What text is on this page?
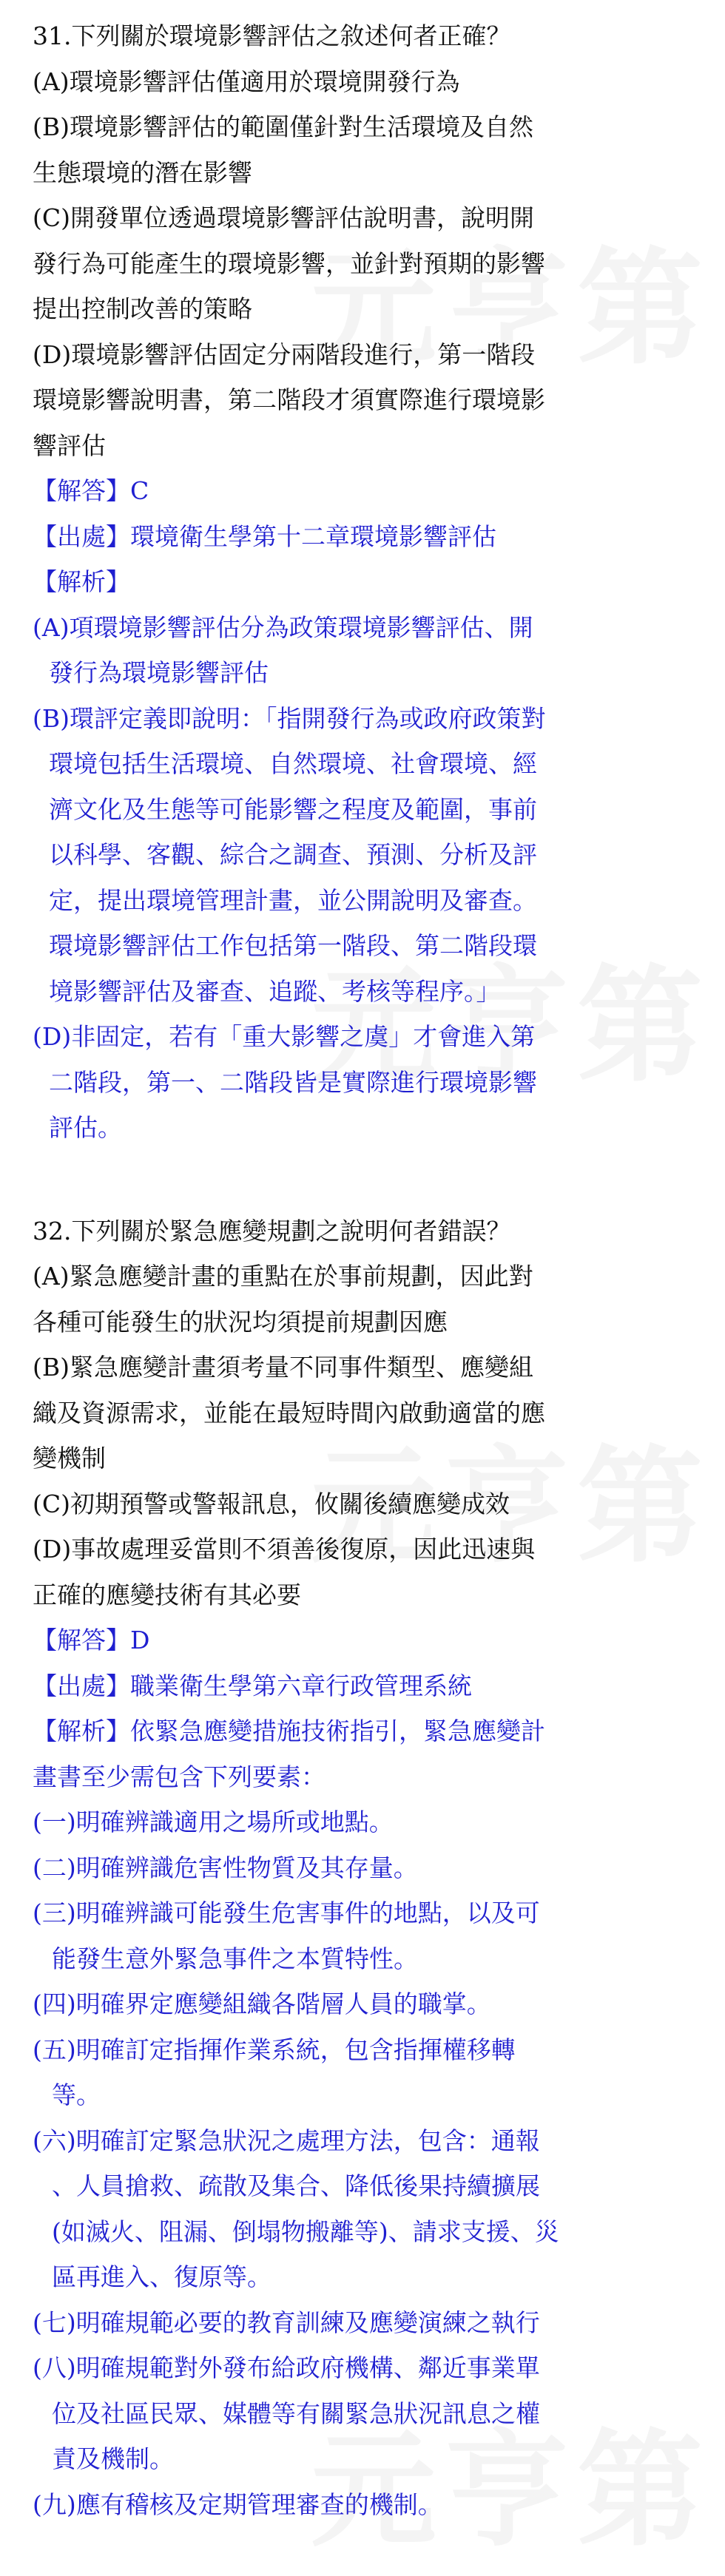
31.下列關於環境影響評估之敘述何者正確？
(A)環境影響評估僅適用於環境開發行為
(B)環境影響評估的範圍僅針對生活環境及自然
生態環境的潛在影響
(C)開發單位透過環境影響評估說明書，說明開
發行為可能產生的環境影響，並針對預期的影響
提出控制改善的策略
(D)環境影響評估固定分兩階段進行，第一階段
環境影響說明書，第二階段才須實際進行環境影
響評估
【解答】C
【出處】環境衛生學第十二章環境影響評估
【解析】
(A)項環境影響評估分為政策環境影響評估、開
發行為環境影響評估
(B)環評定義即說明：「指開發行為或政府政策對
環境包括生活環境、自然環境、社會環境、經
濟文化及生態等可能影響之程度及範圍，事前
以科學、客觀、綜合之調查、預測、分析及評
定，提出環境管理計畫，並公開說明及審查。
環境影響評估工作包括第一階段、第二階段環
境影響評估及審查、追蹤、考核等程序。」
(D)非固定，若有「重大影響之虞」才會進入第
二階段，第一、二階段皆是實際進行環境影響
評估。
32.下列關於緊急應變規劃之說明何者錯誤？
(A)緊急應變計畫的重點在於事前規劃，因此對
各種可能發生的狀況均須提前規劃因應
(B)緊急應變計畫須考量不同事件類型、應變組
織及資源需求，並能在最短時間內啟動適當的應
變機制
(C)初期預警或警報訊息，攸關後續應變成效
(D)事故處理妥當則不須善後復原，因此迅速與
正確的應變技術有其必要
【解答】D
【出處】職業衛生學第六章行政管理系統
【解析】依緊急應變措施技術指引，緊急應變計
畫書至少需包含下列要素：
(一)明確辨識適用之場所或地點。
(二)明確辨識危害性物質及其存量。
(三)明確辨識可能發生危害事件的地點，以及可
能發生意外緊急事件之本質特性。
(四)明確界定應變組織各階層人員的職掌。
(五)明確訂定指揮作業系統，包含指揮權移轉
等。
(六)明確訂定緊急狀況之處理方法，包含：通報
、人員搶救、疏散及集合、降低後果持續擴展
(如滅火、阻漏、倒塌物搬離等)、請求支援、災
區再進入、復原等。
(七)明確規範必要的教育訓練及應變演練之執行
(八)明確規範對外發布給政府機構、鄰近事業單
位及社區民眾、媒體等有關緊急狀況訊息之權
責及機制。
(九)應有稽核及定期管理審查的機制。
